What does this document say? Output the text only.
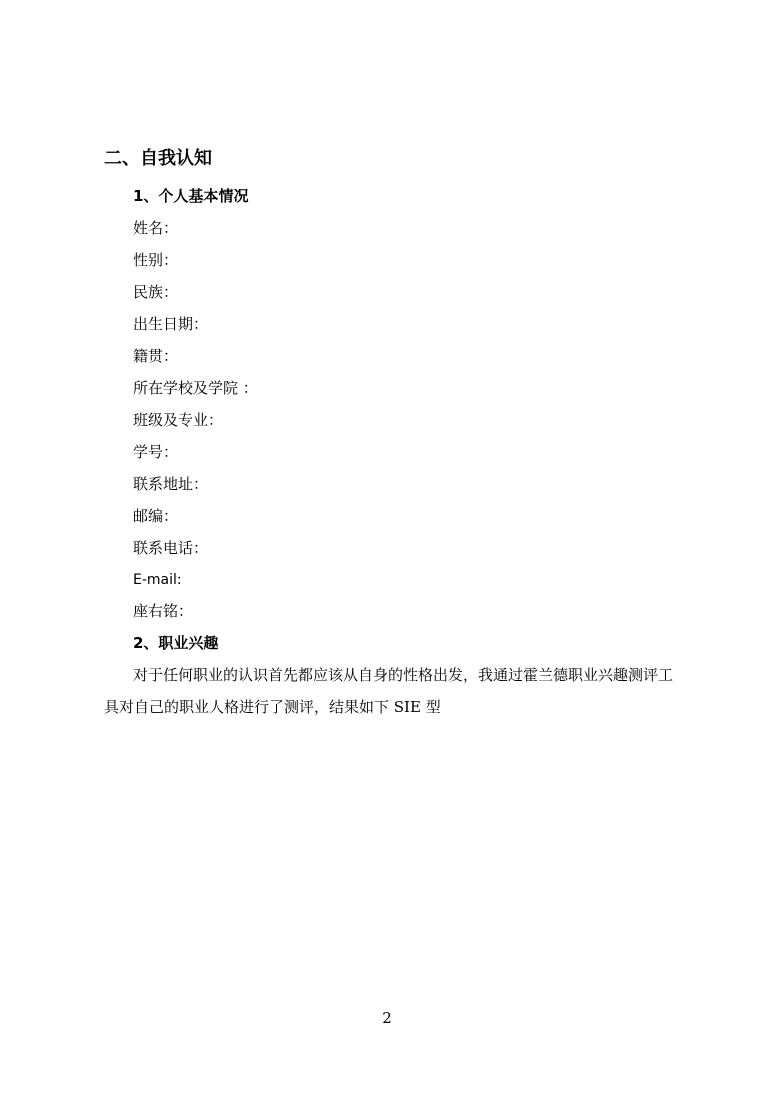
二、自我认知
1、个人基本情况
姓名：
性别：
民族：
出生日期：
籍贯：
所在学校及学院 ：
班级及专业：
学号：
联系地址：
邮编：
联系电话：
E-mail:
座右铭：
2、职业兴趣

对于任何职业的认识首先都应该从自身的性格出发，我通过霍兰德职业兴趣测评工具对自己的职业人格进行了测评，结果如下 SIE 型

2
